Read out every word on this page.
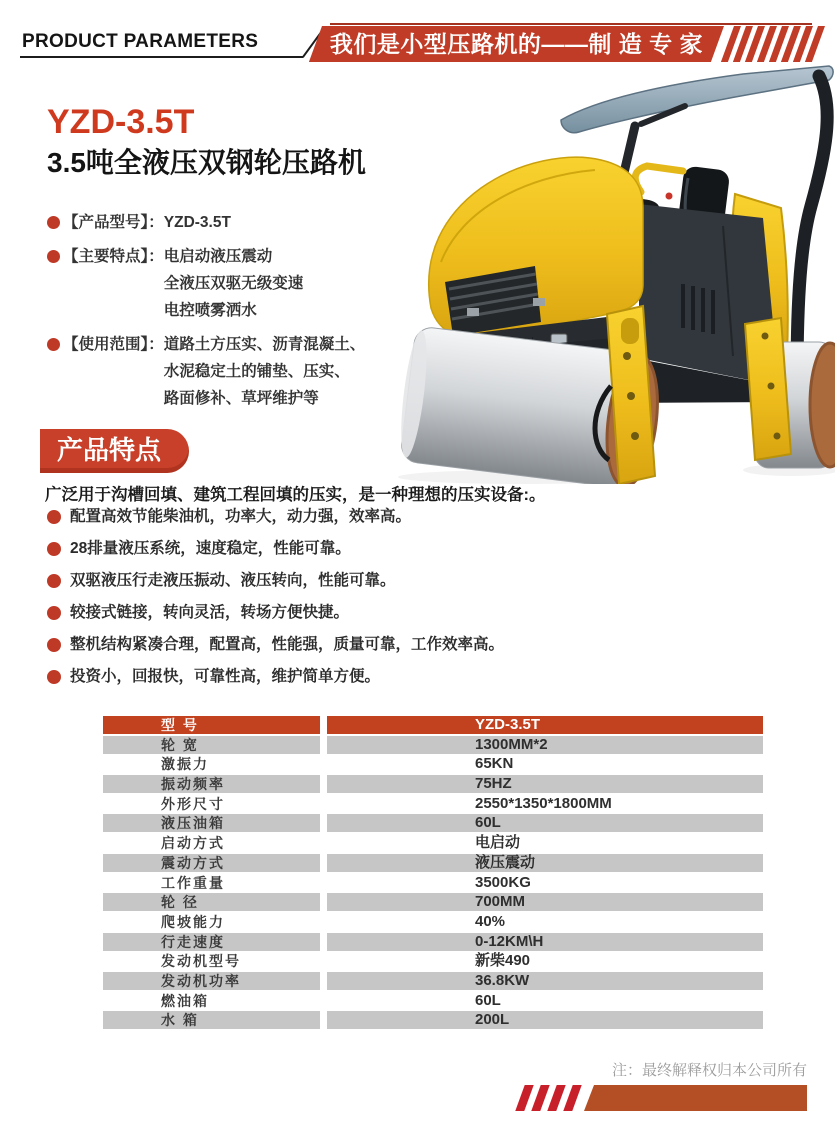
PRODUCT PARAMETERS	我们是小型压路机的——制 造 专 家
YZD-3.5T
3.5吨全液压双钢轮压路机
【产品型号】： YZD-3.5T
【主要特点】： 电启动液压震动
全液压双驱无级变速
电控喷雾洒水
【使用范围】： 道路土方压实、沥青混凝土、
水泥稳定土的铺垫、压实、
路面修补、草坪维护等
产品特点
广泛用于沟槽回填、建筑工程回填的压实，是一种理想的压实设备:。
配置高效节能柴油机，功率大，动力强，效率高。
28排量液压系统，速度稳定，性能可靠。
双驱液压行走液压振动、液压转向，性能可靠。
较接式链接，转向灵活，转场方便快捷。
整机结构紧凑合理，配置高，性能强，质量可靠，工作效率高。
投资小，回报快，可靠性高，维护简单方便。
型 号	YZD-3.5T
轮 宽	1300MM*2
激振力	65KN
振动频率	75HZ
外形尺寸	2550*1350*1800MM
液压油箱	60L
启动方式	电启动
震动方式	液压震动
工作重量	3500KG
轮 径	700MM
爬坡能力	40%
行走速度	0-12KM\H
发动机型号	新柴490
发动机功率	36.8KW
燃油箱	60L
水 箱	200L
注：最终解释权归本公司所有
